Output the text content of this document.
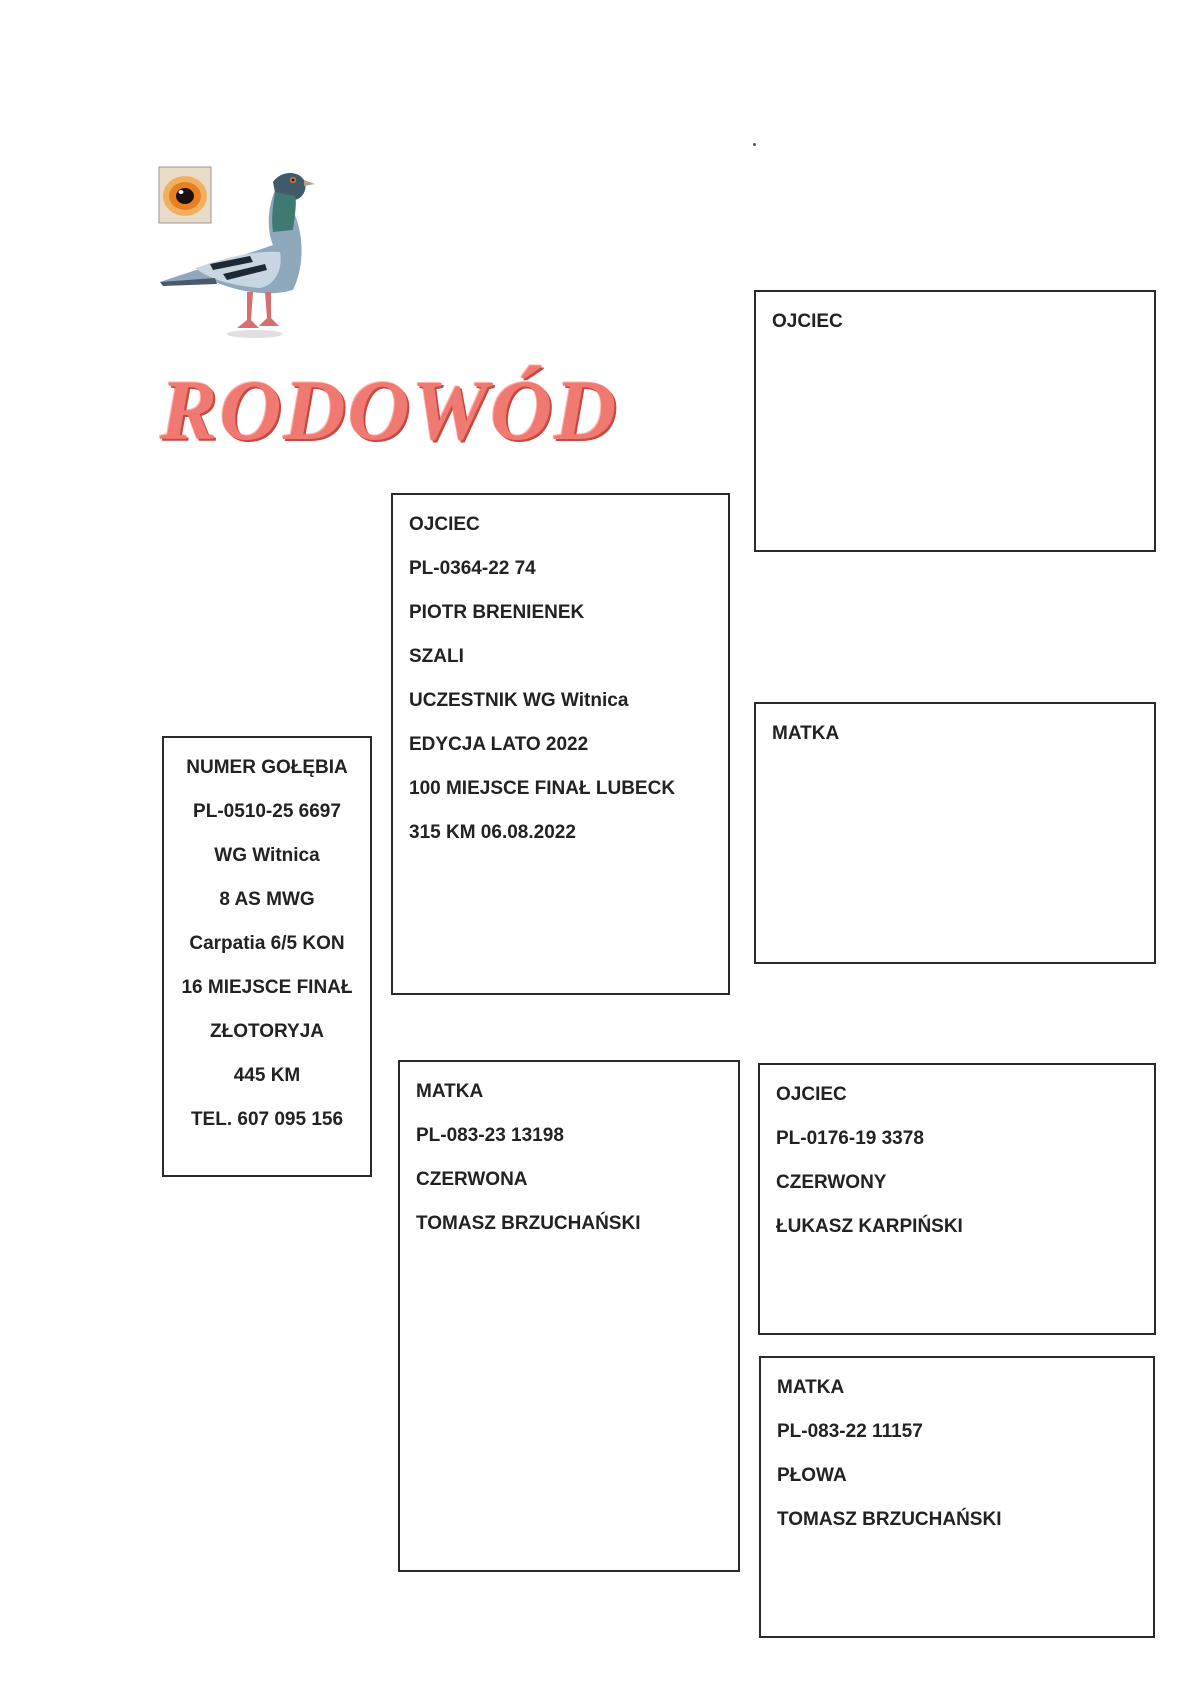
RODOWÓD
NUMER GOŁĘBIA
PL-0510-25 6697
WG Witnica
8 AS MWG
Carpatia 6/5 KON
16 MIEJSCE FINAŁ
ZŁOTORYJA
445 KM
TEL. 607 095 156
OJCIEC
PL-0364-22 74
PIOTR BRENIENEK
SZALI
UCZESTNIK WG Witnica
EDYCJA LATO 2022
100 MIEJSCE FINAŁ LUBECK
315 KM 06.08.2022
MATKA
PL-083-23 13198
CZERWONA
TOMASZ BRZUCHAŃSKI
OJCIEC
MATKA
OJCIEC
PL-0176-19 3378
CZERWONY
ŁUKASZ KARPIŃSKI
MATKA
PL-083-22 11157
PŁOWA
TOMASZ BRZUCHAŃSKI
